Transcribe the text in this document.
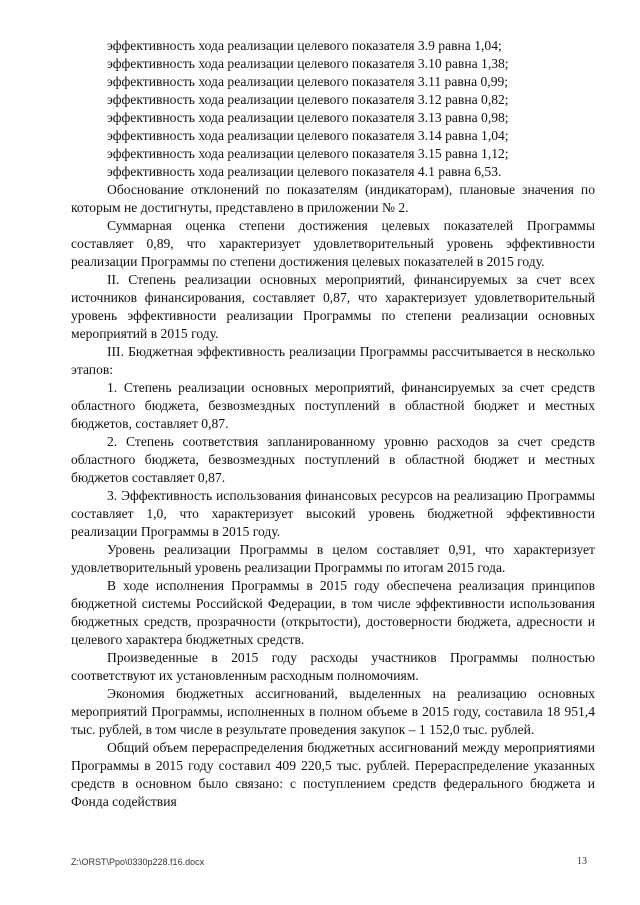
эффективность хода реализации целевого показателя 3.9 равна 1,04;

эффективность хода реализации целевого показателя 3.10 равна 1,38;

эффективность хода реализации целевого показателя 3.11 равна 0,99;

эффективность хода реализации целевого показателя 3.12 равна 0,82;

эффективность хода реализации целевого показателя 3.13 равна 0,98;

эффективность хода реализации целевого показателя 3.14 равна 1,04;

эффективность хода реализации целевого показателя 3.15 равна 1,12;

эффективность хода реализации целевого показателя 4.1 равна 6,53.

Обоснование отклонений по показателям (индикаторам), плановые значения по которым не достигнуты, представлено в приложении № 2.

Суммарная оценка степени достижения целевых показателей Программы составляет 0,89, что характеризует удовлетворительный уровень эффективности реализации Программы по степени достижения целевых показателей в 2015 году.

II. Степень реализации основных мероприятий, финансируемых за счет всех источников финансирования, составляет 0,87, что характеризует удовлетворительный уровень эффективности реализации Программы по степени реализации основных мероприятий в 2015 году.

III. Бюджетная эффективность реализации Программы рассчитывается в несколько этапов:

1. Степень реализации основных мероприятий, финансируемых за счет средств областного бюджета, безвозмездных поступлений в областной бюджет и местных бюджетов, составляет 0,87.

2. Степень соответствия запланированному уровню расходов за счет средств областного бюджета, безвозмездных поступлений в областной бюджет и местных бюджетов составляет 0,87.

3. Эффективность использования финансовых ресурсов на реализацию Программы составляет 1,0, что характеризует высокий уровень бюджетной эффективности реализации Программы в 2015 году.

Уровень реализации Программы в целом составляет 0,91, что характеризует удовлетворительный уровень реализации Программы по итогам 2015 года.

В ходе исполнения Программы в 2015 году обеспечена реализация принципов бюджетной системы Российской Федерации, в том числе эффективности использования бюджетных средств, прозрачности (открытости), достоверности бюджета, адресности и целевого характера бюджетных средств.

Произведенные в 2015 году расходы участников Программы полностью соответствуют их установленным расходным полномочиям.

Экономия бюджетных ассигнований, выделенных на реализацию основных мероприятий Программы, исполненных в полном объеме в 2015 году, составила 18 951,4 тыс. рублей, в том числе в результате проведения закупок – 1 152,0 тыс. рублей.

Общий объем перераспределения бюджетных ассигнований между мероприятиями Программы в 2015 году составил 409 220,5 тыс. рублей. Перераспределение указанных средств в основном было связано: с поступлением средств федерального бюджета и Фонда содействия

Z:\ORST\Ppo\0330p228.f16.docx	13
